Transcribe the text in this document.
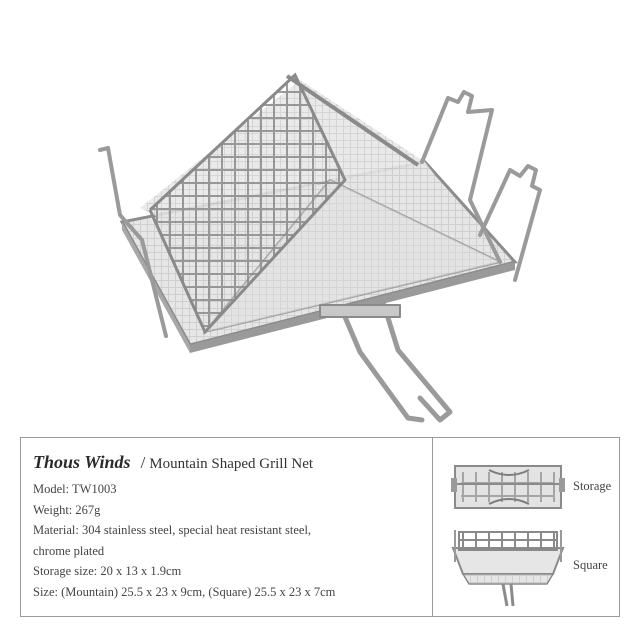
Thous Winds / Mountain Shaped Grill Net
Model: TW1003
Weight: 267g
Material: 304 stainless steel, special heat resistant steel,
chrome plated
Storage size: 20 x 13 x 1.9cm
Size: (Mountain) 25.5 x 23 x 9cm, (Square) 25.5 x 23 x 7cm
Storage
Square
